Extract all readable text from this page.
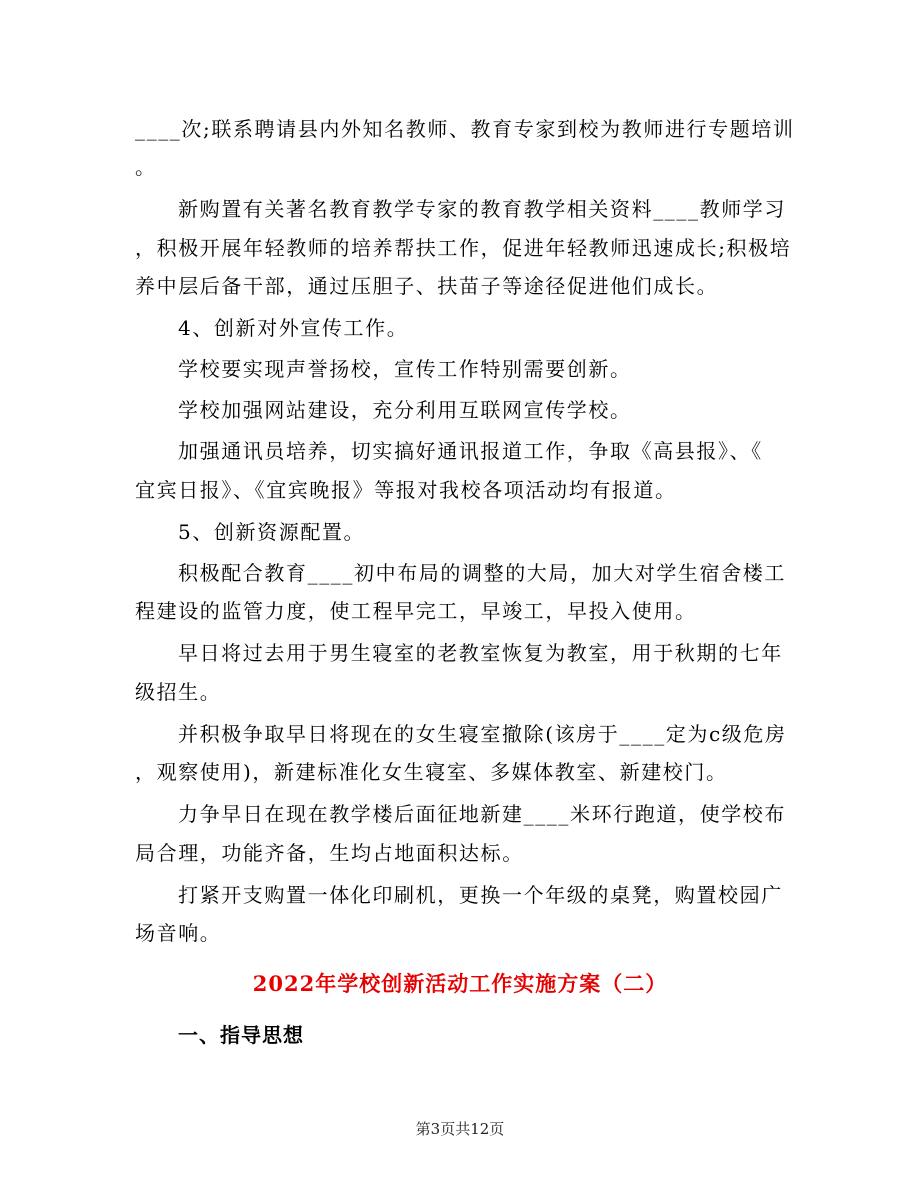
____次;联系聘请县内外知名教师、教育专家到校为教师进行专题培训
。
新购置有关著名教育教学专家的教育教学相关资料____教师学习
，积极开展年轻教师的培养帮扶工作，促进年轻教师迅速成长;积极培
养中层后备干部，通过压胆子、扶苗子等途径促进他们成长。
4、创新对外宣传工作。
学校要实现声誉扬校，宣传工作特别需要创新。
学校加强网站建设，充分利用互联网宣传学校。
加强通讯员培养，切实搞好通讯报道工作，争取《高县报》、《
宜宾日报》、《宜宾晚报》等报对我校各项活动均有报道。
5、创新资源配置。
积极配合教育____初中布局的调整的大局，加大对学生宿舍楼工
程建设的监管力度，使工程早完工，早竣工，早投入使用。
早日将过去用于男生寝室的老教室恢复为教室，用于秋期的七年
级招生。
并积极争取早日将现在的女生寝室撤除(该房于____定为c级危房
，观察使用)，新建标准化女生寝室、多媒体教室、新建校门。
力争早日在现在教学楼后面征地新建____米环行跑道，使学校布
局合理，功能齐备，生均占地面积达标。
打紧开支购置一体化印刷机，更换一个年级的桌凳，购置校园广
场音响。
2022年学校创新活动工作实施方案（二）
一、指导思想
第3页共12页
